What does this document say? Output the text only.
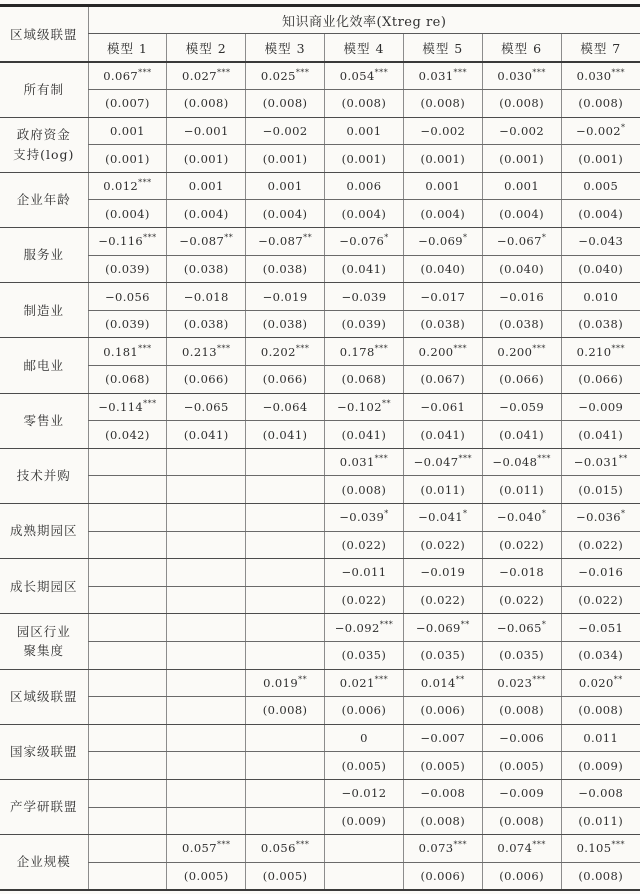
区域级联盟	知识商业化效率(Xtreg re)						
	模型 1	模型 2	模型 3	模型 4	模型 5	模型 6	模型 7

所有制	0.067***	0.027***	0.025***	0.054***	0.031***	0.030***	0.030***
	(0.007)	(0.008)	(0.008)	(0.008)	(0.008)	(0.008)	(0.008)

政府资金
支持(log)	0.001	−0.001	−0.002	0.001	−0.002	−0.002	−0.002*
	(0.001)	(0.001)	(0.001)	(0.001)	(0.001)	(0.001)	(0.001)

企业年龄	0.012***	0.001	0.001	0.006	0.001	0.001	0.005
	(0.004)	(0.004)	(0.004)	(0.004)	(0.004)	(0.004)	(0.004)

服务业	−0.116***	−0.087**	−0.087**	−0.076*	−0.069*	−0.067*	−0.043
	(0.039)	(0.038)	(0.038)	(0.041)	(0.040)	(0.040)	(0.040)

制造业	−0.056	−0.018	−0.019	−0.039	−0.017	−0.016	0.010
	(0.039)	(0.038)	(0.038)	(0.039)	(0.038)	(0.038)	(0.038)

邮电业	0.181***	0.213***	0.202***	0.178***	0.200***	0.200***	0.210***
	(0.068)	(0.066)	(0.066)	(0.068)	(0.067)	(0.066)	(0.066)

零售业	−0.114***	−0.065	−0.064	−0.102**	−0.061	−0.059	−0.009
	(0.042)	(0.041)	(0.041)	(0.041)	(0.041)	(0.041)	(0.041)

技术并购				0.031***	−0.047***	−0.048***	−0.031**
				(0.008)	(0.011)	(0.011)	(0.015)

成熟期园区				−0.039*	−0.041*	−0.040*	−0.036*
				(0.022)	(0.022)	(0.022)	(0.022)

成长期园区				−0.011	−0.019	−0.018	−0.016
				(0.022)	(0.022)	(0.022)	(0.022)

园区行业
聚集度				−0.092***	−0.069**	−0.065*	−0.051
				(0.035)	(0.035)	(0.035)	(0.034)

区域级联盟			0.019**	0.021***	0.014**	0.023***	0.020**
			(0.008)	(0.006)	(0.006)	(0.008)	(0.008)

国家级联盟				0	−0.007	−0.006	0.011
				(0.005)	(0.005)	(0.005)	(0.009)

产学研联盟				−0.012	−0.008	−0.009	−0.008
				(0.009)	(0.008)	(0.008)	(0.011)

企业规模		0.057***	0.056***		0.073***	0.074***	0.105***
		(0.005)	(0.005)		(0.006)	(0.006)	(0.008)
